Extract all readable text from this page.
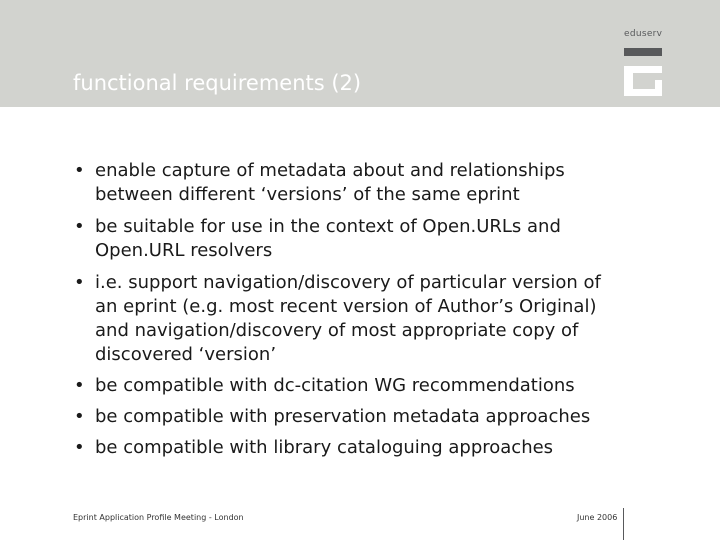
functional requirements (2)
eduserv
• enable capture of metadata about and relationships
between different ‘versions’ of the same eprint
• be suitable for use in the context of Open.URLs and
Open.URL resolvers
• i.e. support navigation/discovery of particular version of
an eprint (e.g. most recent version of Author’s Original)
and navigation/discovery of most appropriate copy of
discovered ‘version’
• be compatible with dc-citation WG recommendations
• be compatible with preservation metadata approaches
• be compatible with library cataloguing approaches
Eprint Application Profile Meeting - London	June 2006
